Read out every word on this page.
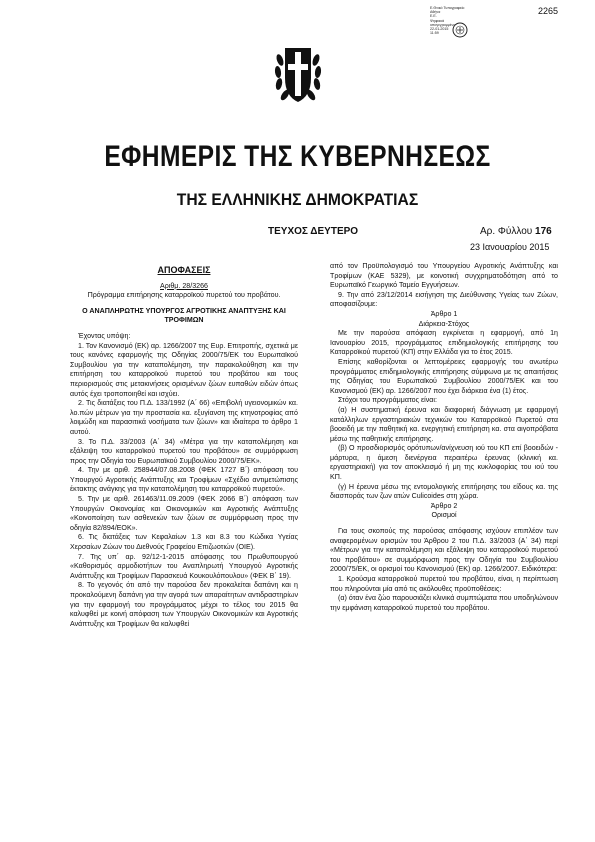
2265
Ε.Θνικό Τυπογραφείο
Αθήνα
Ε.Ε.
Ψηφιακά
υπογεγραμμένο
22-01-2015
11:59
ΕΦΗΜΕΡΙΣ ΤΗΣ ΚΥΒΕΡΝΗΣΕΩΣ
ΤΗΣ ΕΛΛΗΝΙΚΗΣ ΔΗΜΟΚΡΑΤΙΑΣ
ΤΕΥΧΟΣ ΔΕΥΤΕΡΟ	Αρ. Φύλλου 176
23 Ιανουαρίου 2015

ΑΠΟΦΑΣΕΙΣ

Αριθμ. 28/3266

Πρόγραμμα επιτήρησης καταρροϊκού πυρετού του προβάτου.

Ο ΑΝΑΠΛΗΡΩΤΗΣ ΥΠΟΥΡΓΟΣ ΑΓΡΟΤΙΚΗΣ ΑΝΑΠΤΥΞΗΣ ΚΑΙ ΤΡΟΦΙΜΩΝ

Έχοντας υπόψη:

1. Τον Κανονισμό (ΕΚ) αρ. 1266/2007 της Ευρ. Επιτροπής, σχετικά με τους κανόνες εφαρμογής της Οδηγίας 2000/75/ΕΚ του Ευρωπαϊκού Συμβουλίου για την καταπολέμηση, την παρακολούθηση και την επιτήρηση του καταρροϊκού πυρετού του προβάτου και τους περιορισμούς στις μετακινήσεις ορισμένων ζώων ευπαθών ειδών όπως αυτός έχει τροποποιηθεί και ισχύει.

2. Τις διατάξεις του Π.Δ. 133/1992 (Α΄ 66) «Επιβολή υγειονομικών κα. λο.πών μέτρων για την προστασία κα. εξυγίανση της κτηνοτροφίας από λοιμώδη και παρασιτικά νοσήματα των ζώων» και ιδιαίτερα το άρθρο 1 αυτού.

3. Το Π.Δ. 33/2003 (Α΄ 34) «Μέτρα για την καταπολέμηση και εξάλειψη του καταρροϊκού πυρετού του προβάτου» σε συμμόρφωση προς την Οδηγία του Ευρωπαϊκού Συμβουλίου 2000/75/ΕΚ».

4. Την με αριθ. 258944/07.08.2008 (ΦΕΚ 1727 Β΄) απόφαση του Υπουργού Αγροτικής Ανάπτυξης και Τροφίμων «Σχέδιο αντιμετώπισης έκτακτης ανάγκης για την καταπολέμηση του καταρροϊκού πυρετού».

5. Την με αριθ. 261463/11.09.2009 (ΦΕΚ 2066 Β΄) απόφαση των Υπουργών Οικονομίας και Οικονομικών και Αγροτικής Ανάπτυξης «Κοινοποίηση των ασθενειών των ζώων σε συμμόρφωση προς την οδηγία 82/894/ΕΟΚ».

6. Τις διατάξεις των Κεφαλαίων 1.3 και 8.3 του Κώδικα Υγείας Χερσαίων Ζώων του Διεθνούς Γραφείου Επιζωοτιών (ΟΙΕ).

7. Της υπ΄ αρ. 92/12-1-2015 απόφασης του Πρωθυπουργού «Καθορισμός αρμοδιοτήτων του Αναπληρωτή Υπουργού Αγροτικής Ανάπτυξης και Τροφίμων Παρασκευά Κουκουλόπουλου» (ΦΕΚ Β΄ 19).

8. Το γεγονός ότι από την παρούσα δεν προκαλείται δαπάνη και η προκαλούμενη δαπάνη για την αγορά των απαραίτητων αντιδραστηρίων για την εφαρμογή του προγράμματος μέχρι το τέλος του 2015 θα καλυφθεί με κοινή απόφαση των Υπουργών Οικονομικών και Αγροτικής Ανάπτυξης και Τροφίμων θα καλυφθεί

από τον Προϋπολογισμό του Υπουργείου Αγροτικής Ανάπτυξης και Τροφίμων (ΚΑΕ 5329), με κοινοτική συγχρηματοδότηση από το Ευρωπαϊκό Γεωργικό Ταμείο Εγγυήσεων.

9. Την από 23/12/2014 εισήγηση της Διεύθυνσης Υγείας των Ζώων, αποφασίζουμε:

Άρθρο 1

Διάρκεια-Στόχος

Με την παρούσα απόφαση εγκρίνεται η εφαρμογή, από 1η Ιανουαρίου 2015, προγράμματος επιδημιολογικής επιτήρησης του Καταρροϊκού πυρετού (ΚΠ) στην Ελλάδα για το έτος 2015.

Επίσης καθορίζονται οι λεπτομέρειες εφαρμογής του ανωτέρω προγράμματος επιδημιολογικής επιτήρησης σύμφωνα με τις απαιτήσεις της Οδηγίας του Ευρωπαϊκού Συμβουλίου 2000/75/ΕΚ και του Κανονισμού (ΕΚ) αρ. 1266/2007 που έχει διάρκεια ένα (1) έτος.

Στόχοι του προγράμματος είναι:

(α) Η συστηματική έρευνα και διαφορική διάγνωση με εφαρμογή κατάλληλων εργαστηριακών τεχνικών του Καταρροϊκού Πυρετού στα βοοειδή με την παθητική κα. ενεργητική επιτήρηση κα. στα αιγοπρόβατα μέσω της παθητικής επιτήρησης.

(β) Ο προσδιορισμός ορότυπων/ανίχνευση ιού του ΚΠ επί βοοειδών - μάρτυρα, η άμεση διενέργεια περαιτέρω έρευνας (κλινική κα. εργαστηριακή) για τον αποκλεισμό ή μη της κυκλοφορίας του ιού του ΚΠ.

(γ) Η έρευνα μέσω της εντομολογικής επιτήρησης του είδους κα. της διασποράς των ζων ατών Culicoides στη χώρα.

Άρθρο 2

Ορισμοί

Για τους σκοπούς της παρούσας απόφασης ισχύουν επιπλέον των αναφερομένων ορισμών του Άρθρου 2 του Π.Δ. 33/2003 (Α΄ 34) περί «Μέτρων για την καταπολέμηση και εξάλειψη του καταρροϊκού πυρετού του προβάτου» σε συμμόρφωση προς την Οδηγία του Συμβουλίου 2000/75/ΕΚ, οι ορισμοί του Κανονισμού (ΕΚ) αρ. 1266/2007. Ειδικότερα:

1. Κρούσμα καταρροϊκού πυρετού του προβάτου, είναι, η περίπτωση που πληρούνται μία από τις ακόλουθες προϋποθέσεις:

(α) όταν ένα ζώο παρουσιάζει κλινικά συμπτώματα που υποδηλώνουν την εμφάνιση καταρροϊκού πυρετού του προβάτου.
